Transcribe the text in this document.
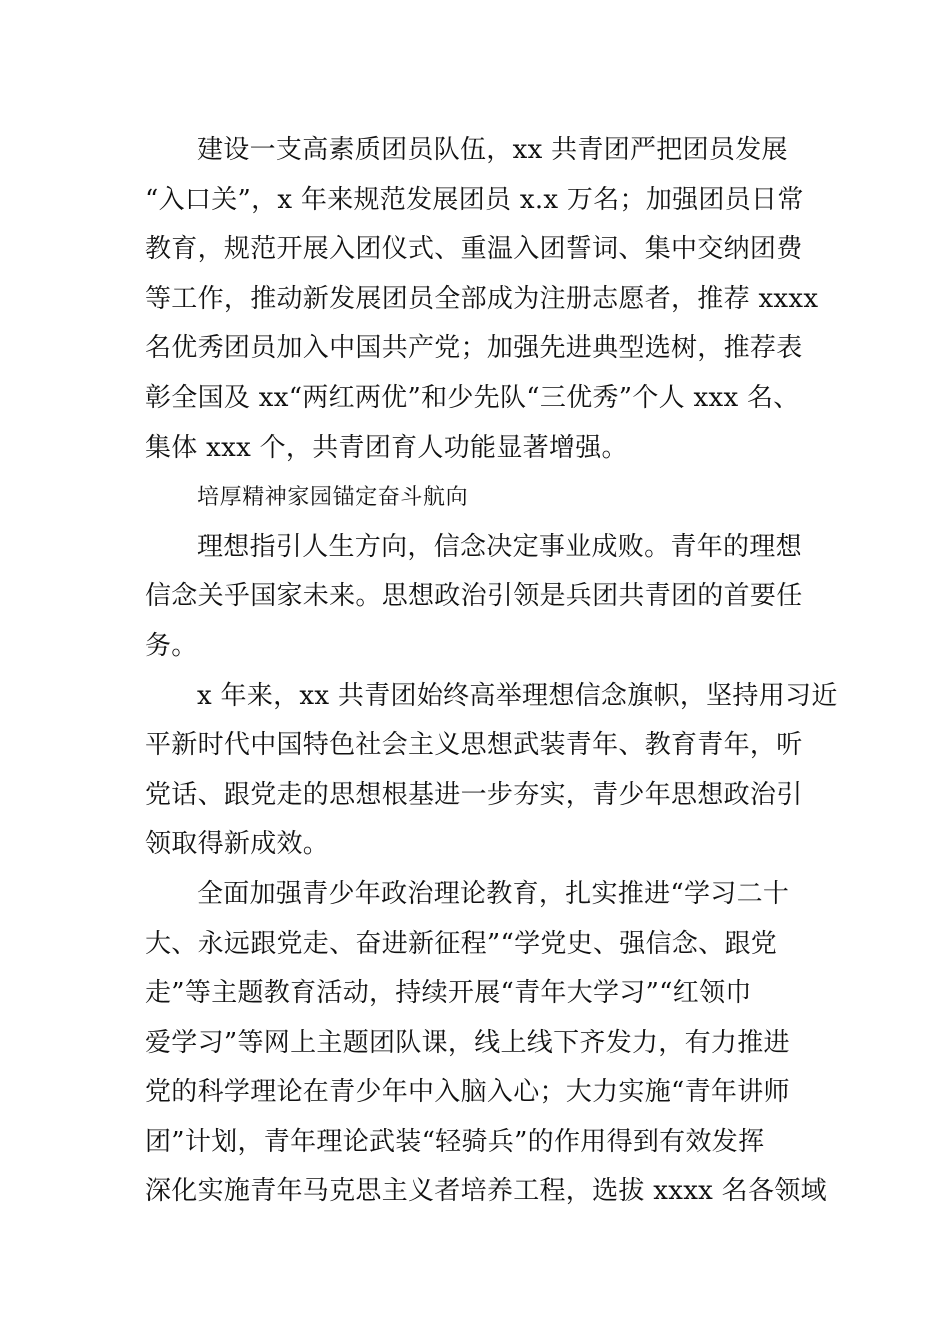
建设一支高素质团员队伍，xx 共青团严把团员发展
“入口关”，x 年来规范发展团员 x.x 万名；加强团员日常
教育，规范开展入团仪式、重温入团誓词、集中交纳团费
等工作，推动新发展团员全部成为注册志愿者，推荐 xxxx
名优秀团员加入中国共产党；加强先进典型选树，推荐表
彰全国及 xx“两红两优”和少先队“三优秀”个人 xxx 名、
集体 xxx 个，共青团育人功能显著增强。
培厚精神家园锚定奋斗航向
理想指引人生方向，信念决定事业成败。青年的理想
信念关乎国家未来。思想政治引领是兵团共青团的首要任
务。
x 年来，xx 共青团始终高举理想信念旗帜，坚持用习近
平新时代中国特色社会主义思想武装青年、教育青年，听
党话、跟党走的思想根基进一步夯实，青少年思想政治引
领取得新成效。
全面加强青少年政治理论教育，扎实推进“学习二十
大、永远跟党走、奋进新征程”“学党史、强信念、跟党
走”等主题教育活动，持续开展“青年大学习”“红领巾
爱学习”等网上主题团队课，线上线下齐发力，有力推进
党的科学理论在青少年中入脑入心；大力实施“青年讲师
团”计划，青年理论武装“轻骑兵”的作用得到有效发挥
深化实施青年马克思主义者培养工程，选拔 xxxx 名各领域
